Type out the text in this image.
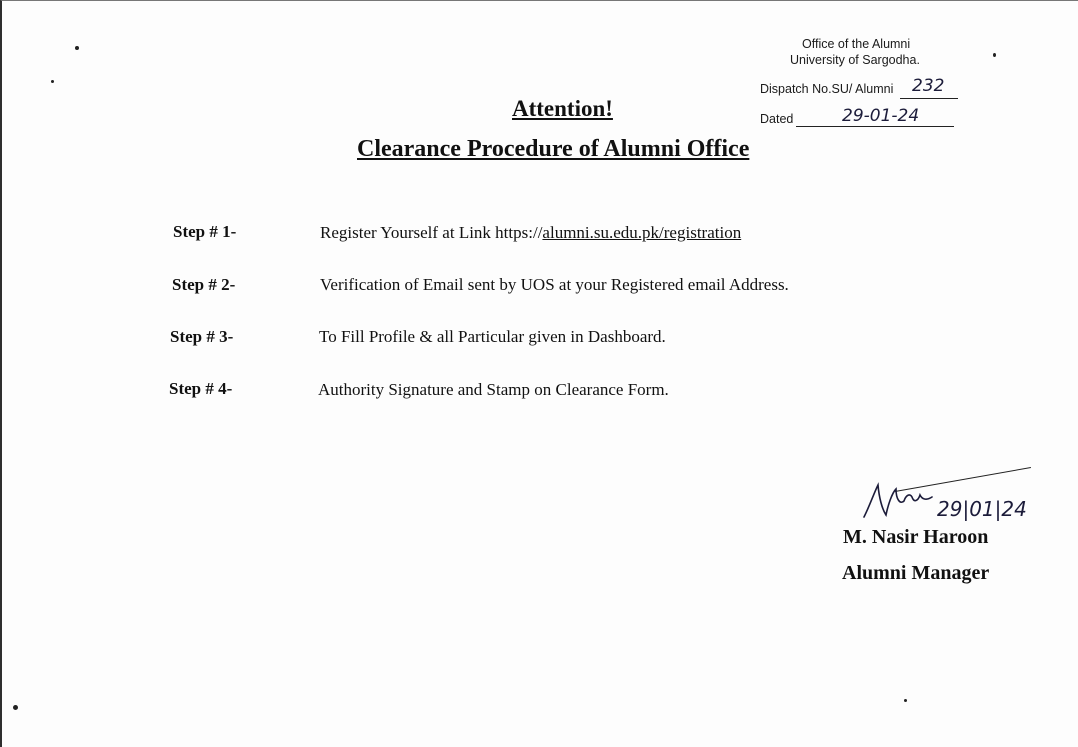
Office of the Alumni
University of Sargodha.
Dispatch No.SU/ Alumni 232
Dated	29-01-24
Attention!
Clearance Procedure of Alumni Office
Step # 1-	Register Yourself at Link https://alumni.su.edu.pk/registration
Step # 2-	Verification of Email sent by UOS at your Registered email Address.
Step # 3-	To Fill Profile & all Particular given in Dashboard.
Step # 4-	Authority Signature and Stamp on Clearance Form.
29|01|24
M. Nasir Haroon
Alumni Manager
